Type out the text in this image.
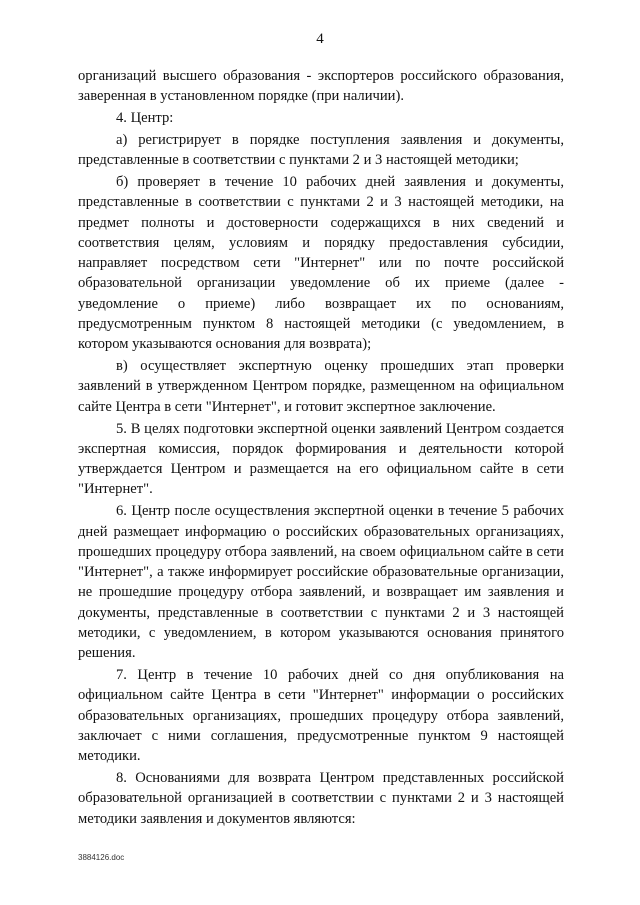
4

организаций высшего образования - экспортеров российского образования, заверенная в установленном порядке (при наличии).

4. Центр:

а) регистрирует в порядке поступления заявления и документы, представленные в соответствии с пунктами 2 и 3 настоящей методики;

б) проверяет в течение 10 рабочих дней заявления и документы, представленные в соответствии с пунктами 2 и 3 настоящей методики, на предмет полноты и достоверности содержащихся в них сведений и соответствия целям, условиям и порядку предоставления субсидии, направляет посредством сети "Интернет" или по почте российской образовательной организации уведомление об их приеме (далее - уведомление о приеме) либо возвращает их по основаниям, предусмотренным пунктом 8 настоящей методики (с уведомлением, в котором указываются основания для возврата);

в) осуществляет экспертную оценку прошедших этап проверки заявлений в утвержденном Центром порядке, размещенном на официальном сайте Центра в сети "Интернет", и готовит экспертное заключение.

5. В целях подготовки экспертной оценки заявлений Центром создается экспертная комиссия, порядок формирования и деятельности которой утверждается Центром и размещается на его официальном сайте в сети "Интернет".

6. Центр после осуществления экспертной оценки в течение 5 рабочих дней размещает информацию о российских образовательных организациях, прошедших процедуру отбора заявлений, на своем официальном сайте в сети "Интернет", а также информирует российские образовательные организации, не прошедшие процедуру отбора заявлений, и возвращает им заявления и документы, представленные в соответствии с пунктами 2 и 3 настоящей методики, с уведомлением, в котором указываются основания принятого решения.

7. Центр в течение 10 рабочих дней со дня опубликования на официальном сайте Центра в сети "Интернет" информации о российских образовательных организациях, прошедших процедуру отбора заявлений, заключает с ними соглашения, предусмотренные пунктом 9 настоящей методики.

8. Основаниями для возврата Центром представленных российской образовательной организацией в соответствии с пунктами 2 и 3 настоящей методики заявления и документов являются:

3884126.doc
